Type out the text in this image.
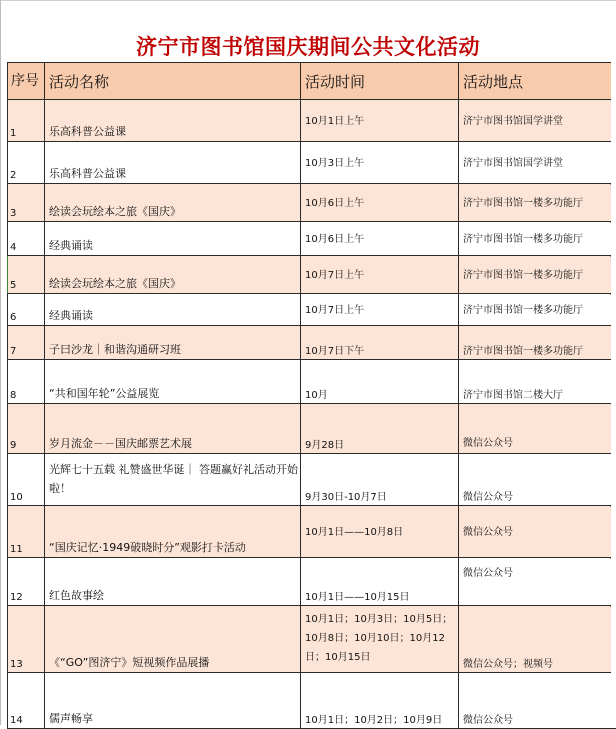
济宁市图书馆国庆期间公共文化活动
序号	活动名称	活动时间	活动地点
1	乐高科普公益课	10月1日上午	济宁市图书馆国学讲堂
2	乐高科普公益课	10月3日上午	济宁市图书馆国学讲堂
3	绘读会玩绘本之旅《国庆》	10月6日上午	济宁市图书馆一楼多功能厅

4	经典诵读	10月6日上午	济宁市图书馆一楼多功能厅

5	绘读会玩绘本之旅《国庆》	10月7日上午	济宁市图书馆一楼多功能厅

6	经典诵读	10月7日上午	济宁市图书馆一楼多功能厅

7	子曰沙龙｜和谐沟通研习班	10月7日下午	济宁市图书馆一楼多功能厅
8	“共和国年轮”公益展览	10月	济宁市图书馆二楼大厅
9	岁月流金－－国庆邮票艺术展	9月28日	微信公众号
10	光辉七十五载 礼赞盛世华诞｜ 答题赢好礼活动开始啦！	9月30日-10月7日	微信公众号
11	“国庆记忆·1949破晓时分”观影打卡活动	10月1日——10月8日	微信公众号

12	红色故事绘	10月1日——10月15日	微信公众号

13	《“GO”图济宁》短视频作品展播	10月1日；10月3日；10月5日；10月8日；10月10日；10月12日；10月15日	微信公众号；视频号

14	儒声畅享	10月1日；10月2日；10月9日	微信公众号
